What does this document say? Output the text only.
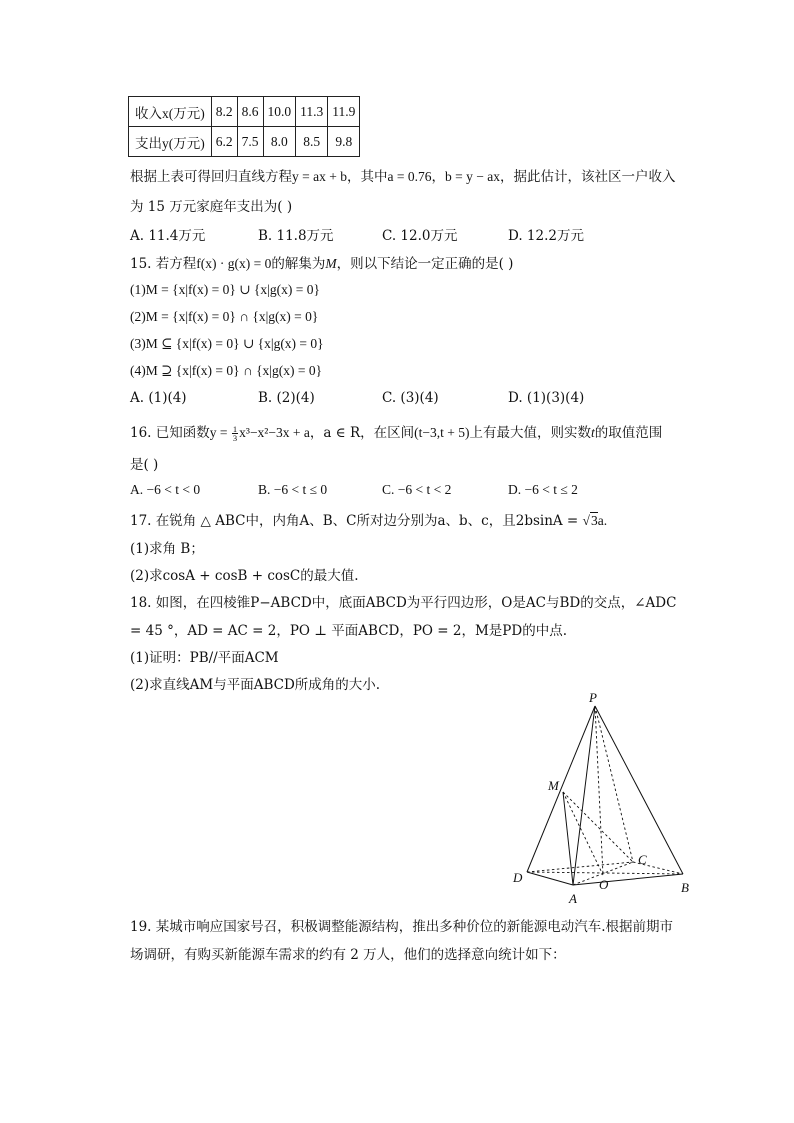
收入x(万元)	8.2	8.6	10.0	11.3	11.9
支出y(万元)	6.2	7.5	8.0	8.5	9.8
根据上表可得回归直线方程y = ax + b，其中a = 0.76，b = y − ax，据此估计，该社区一户收入
为 15 万元家庭年支出为( )
A. 11.4万元	B. 11.8万元	C. 12.0万元	D. 12.2万元
15. 若方程f(x) · g(x) = 0的解集为M，则以下结论一定正确的是( )
(1)M = {x|f(x) = 0} ∪ {x|g(x) = 0}
(2)M = {x|f(x) = 0} ∩ {x|g(x) = 0}
(3)M ⊆ {x|f(x) = 0} ∪ {x|g(x) = 0}
(4)M ⊇ {x|f(x) = 0} ∩ {x|g(x) = 0}
A. (1)(4)	B. (2)(4)	C. (3)(4)	D. (1)(3)(4)
16. 已知函数$y = \frac{1}{3} x^3-x^2-3x + a$，a ∈ R，在区间(t−3,t + 5)上有最大值，则实数t的取值范围
是( )
A. −6 < t < 0	B. −6 < t ≤ 0	C. −6 < t < 2	D. −6 < t ≤ 2
17. 在锐角 △ ABC中，内角A、B、C所对边分别为a、b、c，且2bsinA = √3a.
(1)求角 B；
(2)求cosA + cosB + cosC的最大值.
18. 如图，在四棱锥P−ABCD中，底面ABCD为平行四边形，O是AC与BD的交点，∠ADC
= 45 °，AD = AC = 2，PO ⊥ 平面ABCD，PO = 2，M是PD的中点.
(1)证明：PB//平面ACM
(2)求直线AM与平面ABCD所成角的大小.
P
M
C
D	O	B
A
19. 某城市响应国家号召，积极调整能源结构，推出多种价位的新能源电动汽车.根据前期市
场调研，有购买新能源车需求的约有 2 万人，他们的选择意向统计如下：
